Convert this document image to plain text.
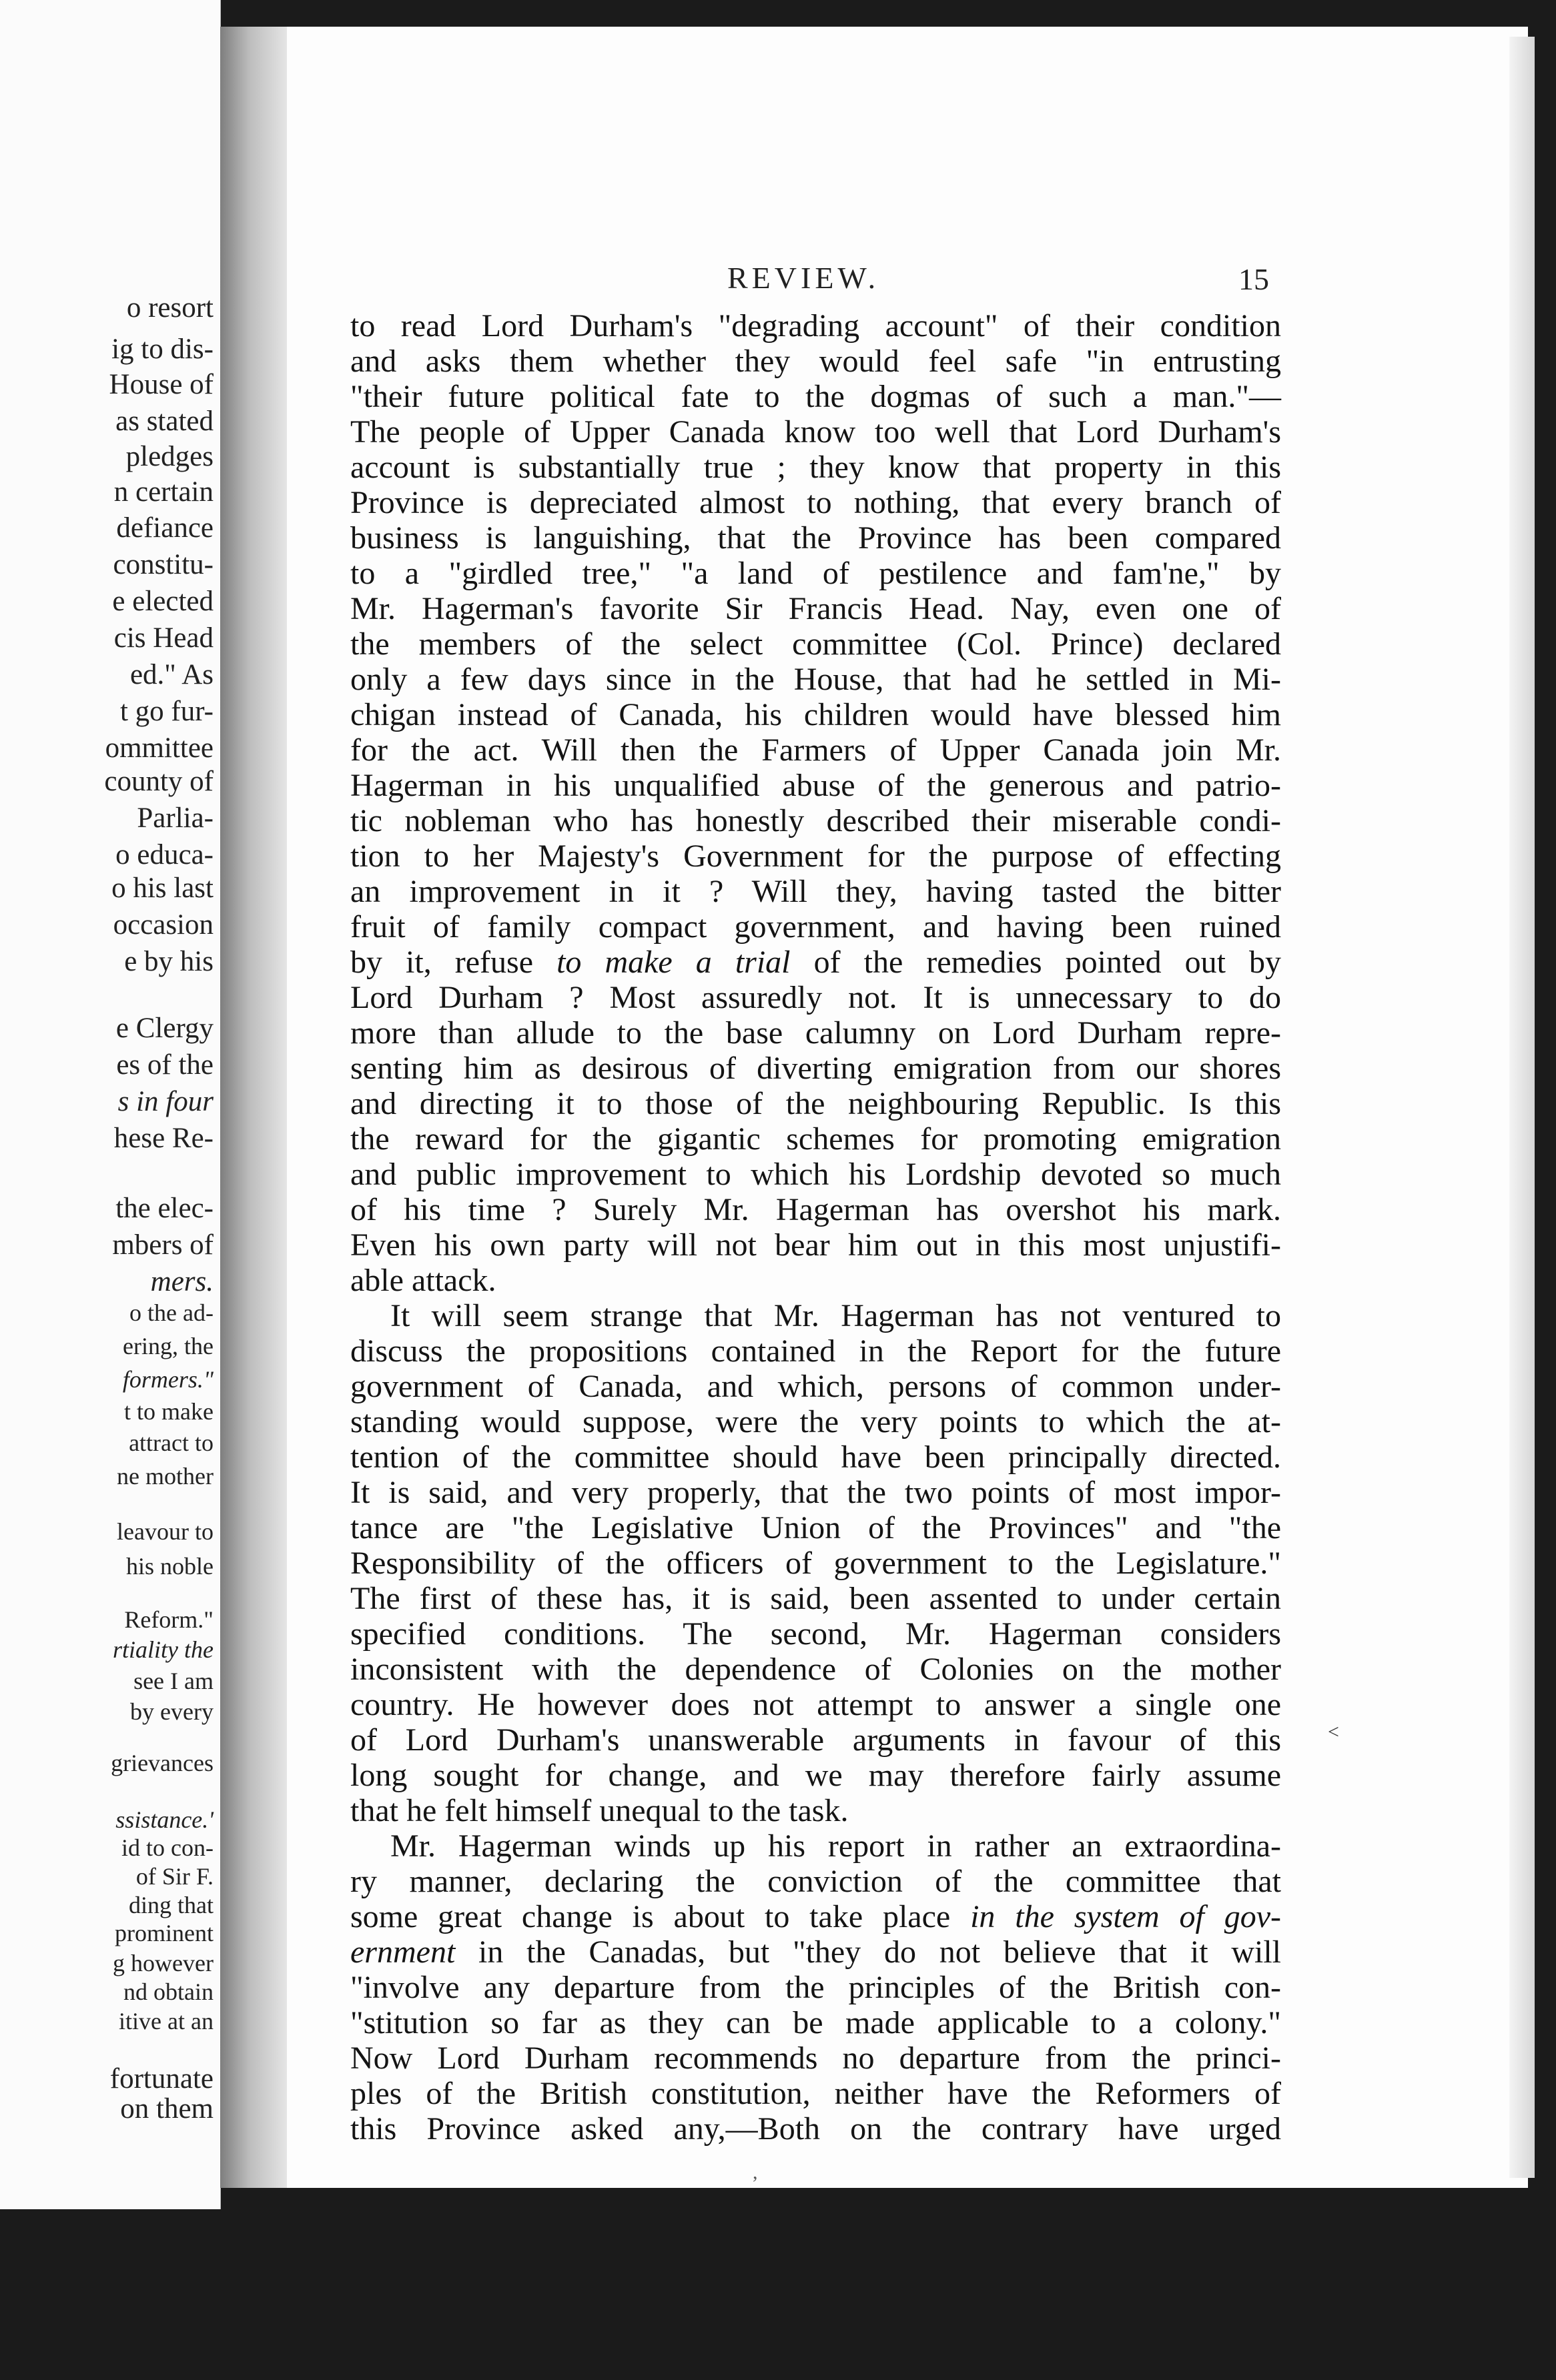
o resort
ig to dis-
House of
as stated
pledges
n certain
defiance
constitu-
e elected
cis Head
ed." As
t go fur-
ommittee
county of
Parlia-
o educa-
o his last
occasion
e by his
e Clergy
es of the
s in four
hese Re-
the elec-
mbers of
mers.
o the ad-
ering, the
formers."
t to make
attract to
ne mother
leavour to
his noble
Reform."
rtiality the
see I am
by every
grievances
ssistance.'
id to con-
of Sir F.
ding that
prominent
g however
nd obtain
itive at an
fortunate
on them
REVIEW.	15
to read Lord Durham's "degrading account" of their condition
and asks them whether they would feel safe "in entrusting
"their future political fate to the dogmas of such a man."—
The people of Upper Canada know too well that Lord Durham's
account is substantially true ; they know that property in this
Province is depreciated almost to nothing, that every branch of
business is languishing, that the Province has been compared
to a "girdled tree," "a land of pestilence and fam'ne," by
Mr. Hagerman's favorite Sir Francis Head. Nay, even one of
the members of the select committee (Col. Prince) declared
only a few days since in the House, that had he settled in Mi-
chigan instead of Canada, his children would have blessed him
for the act. Will then the Farmers of Upper Canada join Mr.
Hagerman in his unqualified abuse of the generous and patrio-
tic nobleman who has honestly described their miserable condi-
tion to her Majesty's Government for the purpose of effecting
an improvement in it ? Will they, having tasted the bitter
fruit of family compact government, and having been ruined
by it, refuse to make a trial of the remedies pointed out by
Lord Durham ? Most assuredly not. It is unnecessary to do
more than allude to the base calumny on Lord Durham repre-
senting him as desirous of diverting emigration from our shores
and directing it to those of the neighbouring Republic. Is this
the reward for the gigantic schemes for promoting emigration
and public improvement to which his Lordship devoted so much
of his time ? Surely Mr. Hagerman has overshot his mark.
Even his own party will not bear him out in this most unjustifi-
able attack.
It will seem strange that Mr. Hagerman has not ventured to
discuss the propositions contained in the Report for the future
government of Canada, and which, persons of common under-
standing would suppose, were the very points to which the at-
tention of the committee should have been principally directed.
It is said, and very properly, that the two points of most impor-
tance are "the Legislative Union of the Provinces" and "the
Responsibility of the officers of government to the Legislature."
The first of these has, it is said, been assented to under certain
specified conditions. The second, Mr. Hagerman considers
inconsistent with the dependence of Colonies on the mother
country. He however does not attempt to answer a single one
of Lord Durham's unanswerable arguments in favour of this
long sought for change, and we may therefore fairly assume
that he felt himself unequal to the task.
Mr. Hagerman winds up his report in rather an extraordina-
ry manner, declaring the conviction of the committee that
some great change is about to take place in the system of gov-
ernment in the Canadas, but "they do not believe that it will
"involve any departure from the principles of the British con-
"stitution so far as they can be made applicable to a colony."
Now Lord Durham recommends no departure from the princi-
ples of the British constitution, neither have the Reformers of
this Province asked any,—Both on the contrary have urged
˂
,
